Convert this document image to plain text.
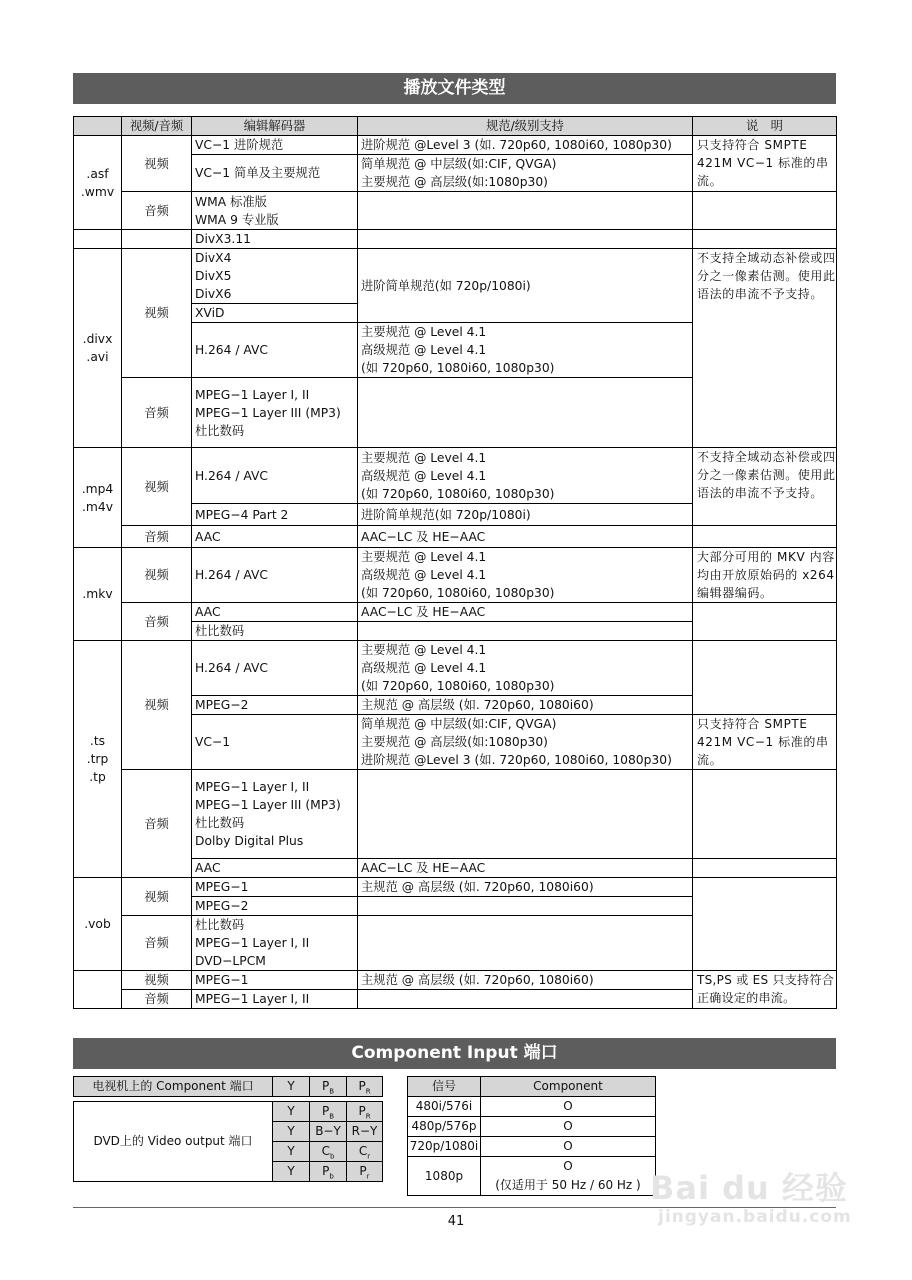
播放文件类型
	视频/音频	编辑解码器	规范/级别支持	说　明
.asf
.wmv	视频	VC−1 进阶规范	进阶规范 @Level 3 (如. 720p60, 1080i60, 1080p30)	只支持符合 SMPTE 421M VC−1 标准的串流。
		VC−1 简单及主要规范	简单规范 @ 中层级(如:CIF, QVGA)
主要规范 @ 高层级(如:1080p30)	
	音频	WMA 标准版
WMA 9 专业版		
		DivX3.11		
.divx
.avi	视频	DivX4
DivX5
DivX6	进阶简单规范(如 720p/1080i)	不支持全域动态补偿或四分之一像素估测。使用此语法的串流不予支持。
		XViD		
		H.264 / AVC	主要规范 @ Level 4.1
高级规范 @ Level 4.1
(如 720p60, 1080i60, 1080p30)	
	音频	MPEG−1 Layer I, II
MPEG−1 Layer III (MP3)
杜比数码		
.mp4
.m4v	视频	H.264 / AVC	主要规范 @ Level 4.1
高级规范 @ Level 4.1
(如 720p60, 1080i60, 1080p30)	不支持全域动态补偿或四分之一像素估测。使用此语法的串流不予支持。
		MPEG−4 Part 2	进阶简单规范(如 720p/1080i)	
	音频	AAC	AAC−LC 及 HE−AAC	
.mkv	视频	H.264 / AVC	主要规范 @ Level 4.1
高级规范 @ Level 4.1
(如 720p60, 1080i60, 1080p30)	大部分可用的 MKV 内容均由开放原始码的 x264 编辑器编码。
	音频	AAC	AAC−LC 及 HE−AAC	
		杜比数码		
.ts
.trp
.tp	视频	H.264 / AVC	主要规范 @ Level 4.1
高级规范 @ Level 4.1
(如 720p60, 1080i60, 1080p30)	
		MPEG−2	主规范 @ 高层级 (如. 720p60, 1080i60)	
		VC−1	简单规范 @ 中层级(如:CIF, QVGA)
主要规范 @ 高层级(如:1080p30)
进阶规范 @Level 3 (如. 720p60, 1080i60, 1080p30)	只支持符合 SMPTE 421M VC−1 标准的串流。
	音频	MPEG−1 Layer I, II
MPEG−1 Layer III (MP3)
杜比数码
Dolby Digital Plus		
		AAC	AAC−LC 及 HE−AAC	
.vob	视频	MPEG−1	主规范 @ 高层级 (如. 720p60, 1080i60)	
		MPEG−2		
	音频	杜比数码
MPEG−1 Layer I, II
DVD−LPCM		
	视频	MPEG−1	主规范 @ 高层级 (如. 720p60, 1080i60)	TS,PS 或 ES 只支持符合正确设定的串流。
	音频	MPEG−1 Layer I, II		
Component Input 端口
电视机上的 Component 端口	Y	$P_B$	$P_R$

DVD上的 Video output 端口	Y	$P_B$	$P_R$
	Y	B−Y	R−Y
	Y	$C_b$	$C_r$
	Y	$P_b$	$P_r$
信号	Component
480i/576i	O
480p/576p	O
720p/1080i	O
1080p	O
(仅适用于 50 Hz / 60 Hz )
41
Bai du 经验
jingyan.baidu.com
